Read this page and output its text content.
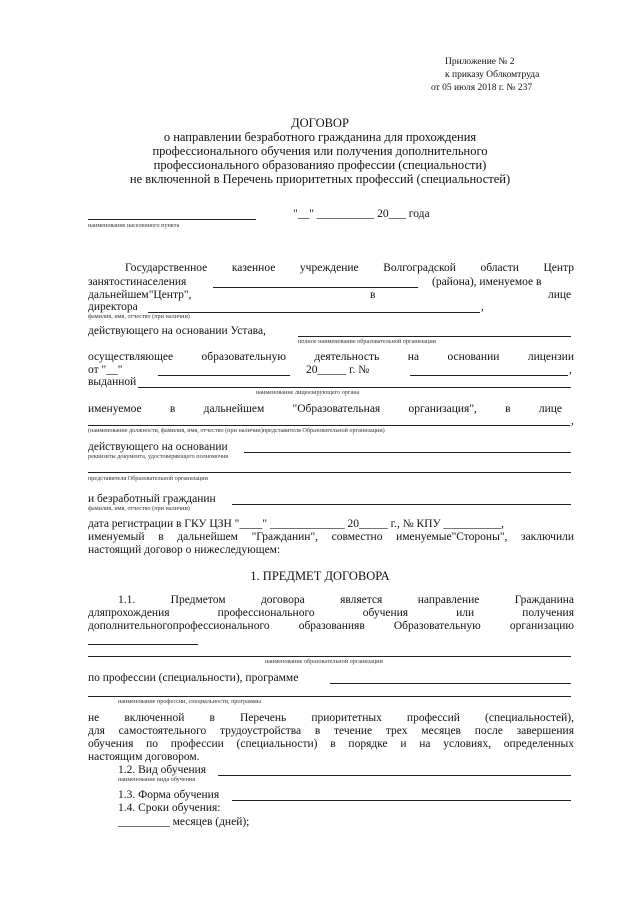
Приложение № 2
к приказу Облкомтруда
от 05 июля 2018 г. № 237
ДОГОВОР
о направлении безработного гражданина для прохождения
профессионального обучения или получения дополнительного
профессионального образованияо профессии (специальности)
не включенной в Перечень приоритетных профессий (специальностей)
наименование населенного пункта
"__" __________ 20___ года
Государственное казенное учреждение Волгоградской области Центр
занятостинаселения	(района), именуемое в
дальнейшем"Центр",	в	лице
директора	,
фамилия, имя, отчество (при наличии)
действующего на основании Устава,
полное наименование образовательной организации
осуществляющее образовательную деятельность на основании лицензии
от "__"	20_____ г. №	,
выданной
наименование лицензирующего органа
именуемое в дальнейшем "Образовательная организация", в лице
,
(наименование должности, фамилия, имя, отчество (при наличии)представителя Образовательной организации)
действующего на основании
реквизиты документа, удостоверяющего полномочия
представителя Образовательной организации
и безработный гражданин
фамилия, имя, отчество (при наличии)
дата регистрации в ГКУ ЦЗН "____" _____________ 20_____ г., № КПУ __________,
именуемый в дальнейшем "Гражданин", совместно именуемые"Стороны", заключили
настоящий договор о нижеследующем:
1. ПРЕДМЕТ ДОГОВОРА
1.1. Предметом договора является направление Гражданина
дляпрохождения профессионального обучения или получения
дополнительногопрофессионального образованияв Образовательную организацию
наименование образовательной организации
по профессии (специальности), программе
наименование профессии, специальности, программы
не включенной в Перечень приоритетных профессий (специальностей),
для самостоятельного трудоустройства в течение трех месяцев после завершения
обучения по профессии (специальности) в порядке и на условиях, определенных
настоящим договором.
1.2. Вид обучения
наименование вида обучения
1.3. Форма обучения
1.4. Сроки обучения:
_________ месяцев (дней);
